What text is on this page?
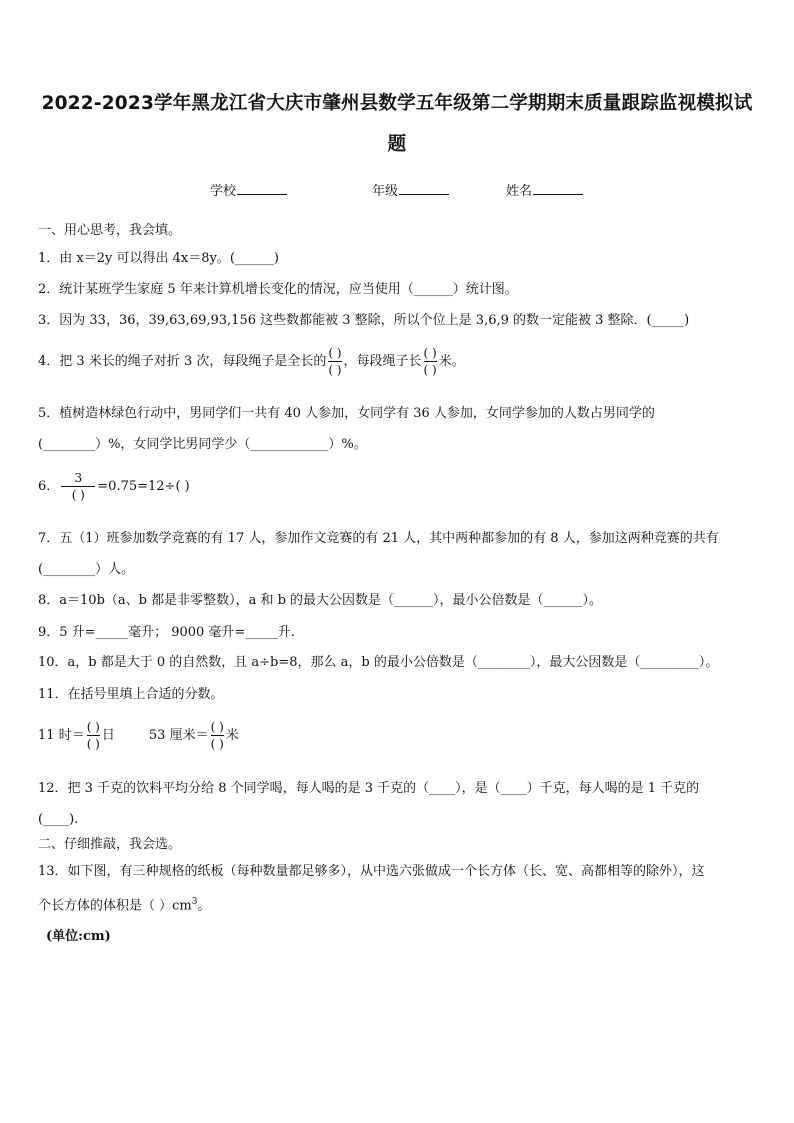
2022-2023学年黑龙江省大庆市肇州县数学五年级第二学期期末质量跟踪监视模拟试
题
学校	年级	姓名
一、用心思考，我会填。
1．由 x＝2y 可以得出 4x＝8y。(______)
2．统计某班学生家庭 5 年来计算机增长变化的情况，应当使用（______）统计图。
3．因为 33，36，39,63,69,93,156 这些数都能被 3 整除，所以个位上是 3,6,9 的数一定能被 3 整除．(_____)
4．把 3 米长的绳子对折 3 次，每段绳子是全长的 $\frac{( )}{( )}$ ，每段绳子长 $\frac{( )}{( )}$ 米。
5．植树造林绿色行动中，男同学们一共有 40 人参加，女同学有 36 人参加，女同学参加的人数占男同学的
(________）%，女同学比男同学少（____________）%。
6． $\frac{3}{( )} =0.75=12\div$( )
7．五（1）班参加数学竞赛的有 17 人，参加作文竞赛的有 21 人，其中两种都参加的有 8 人，参加这两种竞赛的共有
(________）人。
8．a＝10b（a、b 都是非零整数），a 和 b 的最大公因数是（______），最小公倍数是（______）。
9．5 升=_____毫升； 9000 毫升=_____升.
10．a，b 都是大于 0 的自然数，且 a÷b=8，那么 a，b 的最小公倍数是（________），最大公因数是（_________）。
11．在括号里填上合适的分数。
11 时＝ $\frac{( )}{( )}$ 日	53 厘米＝ $\frac{( )}{( )}$ 米
12．把 3 千克的饮料平均分给 8 个同学喝，每人喝的是 3 千克的（____），是（____）千克，每人喝的是 1 千克的
(____).
二、仔细推敲，我会选。
13．如下图，有三种规格的纸板（每种数量都足够多），从中选六张做成一个长方体（长、宽、高都相等的除外），这
个长方体的体积是（ ）$cm^3$。
(单位:cm)
